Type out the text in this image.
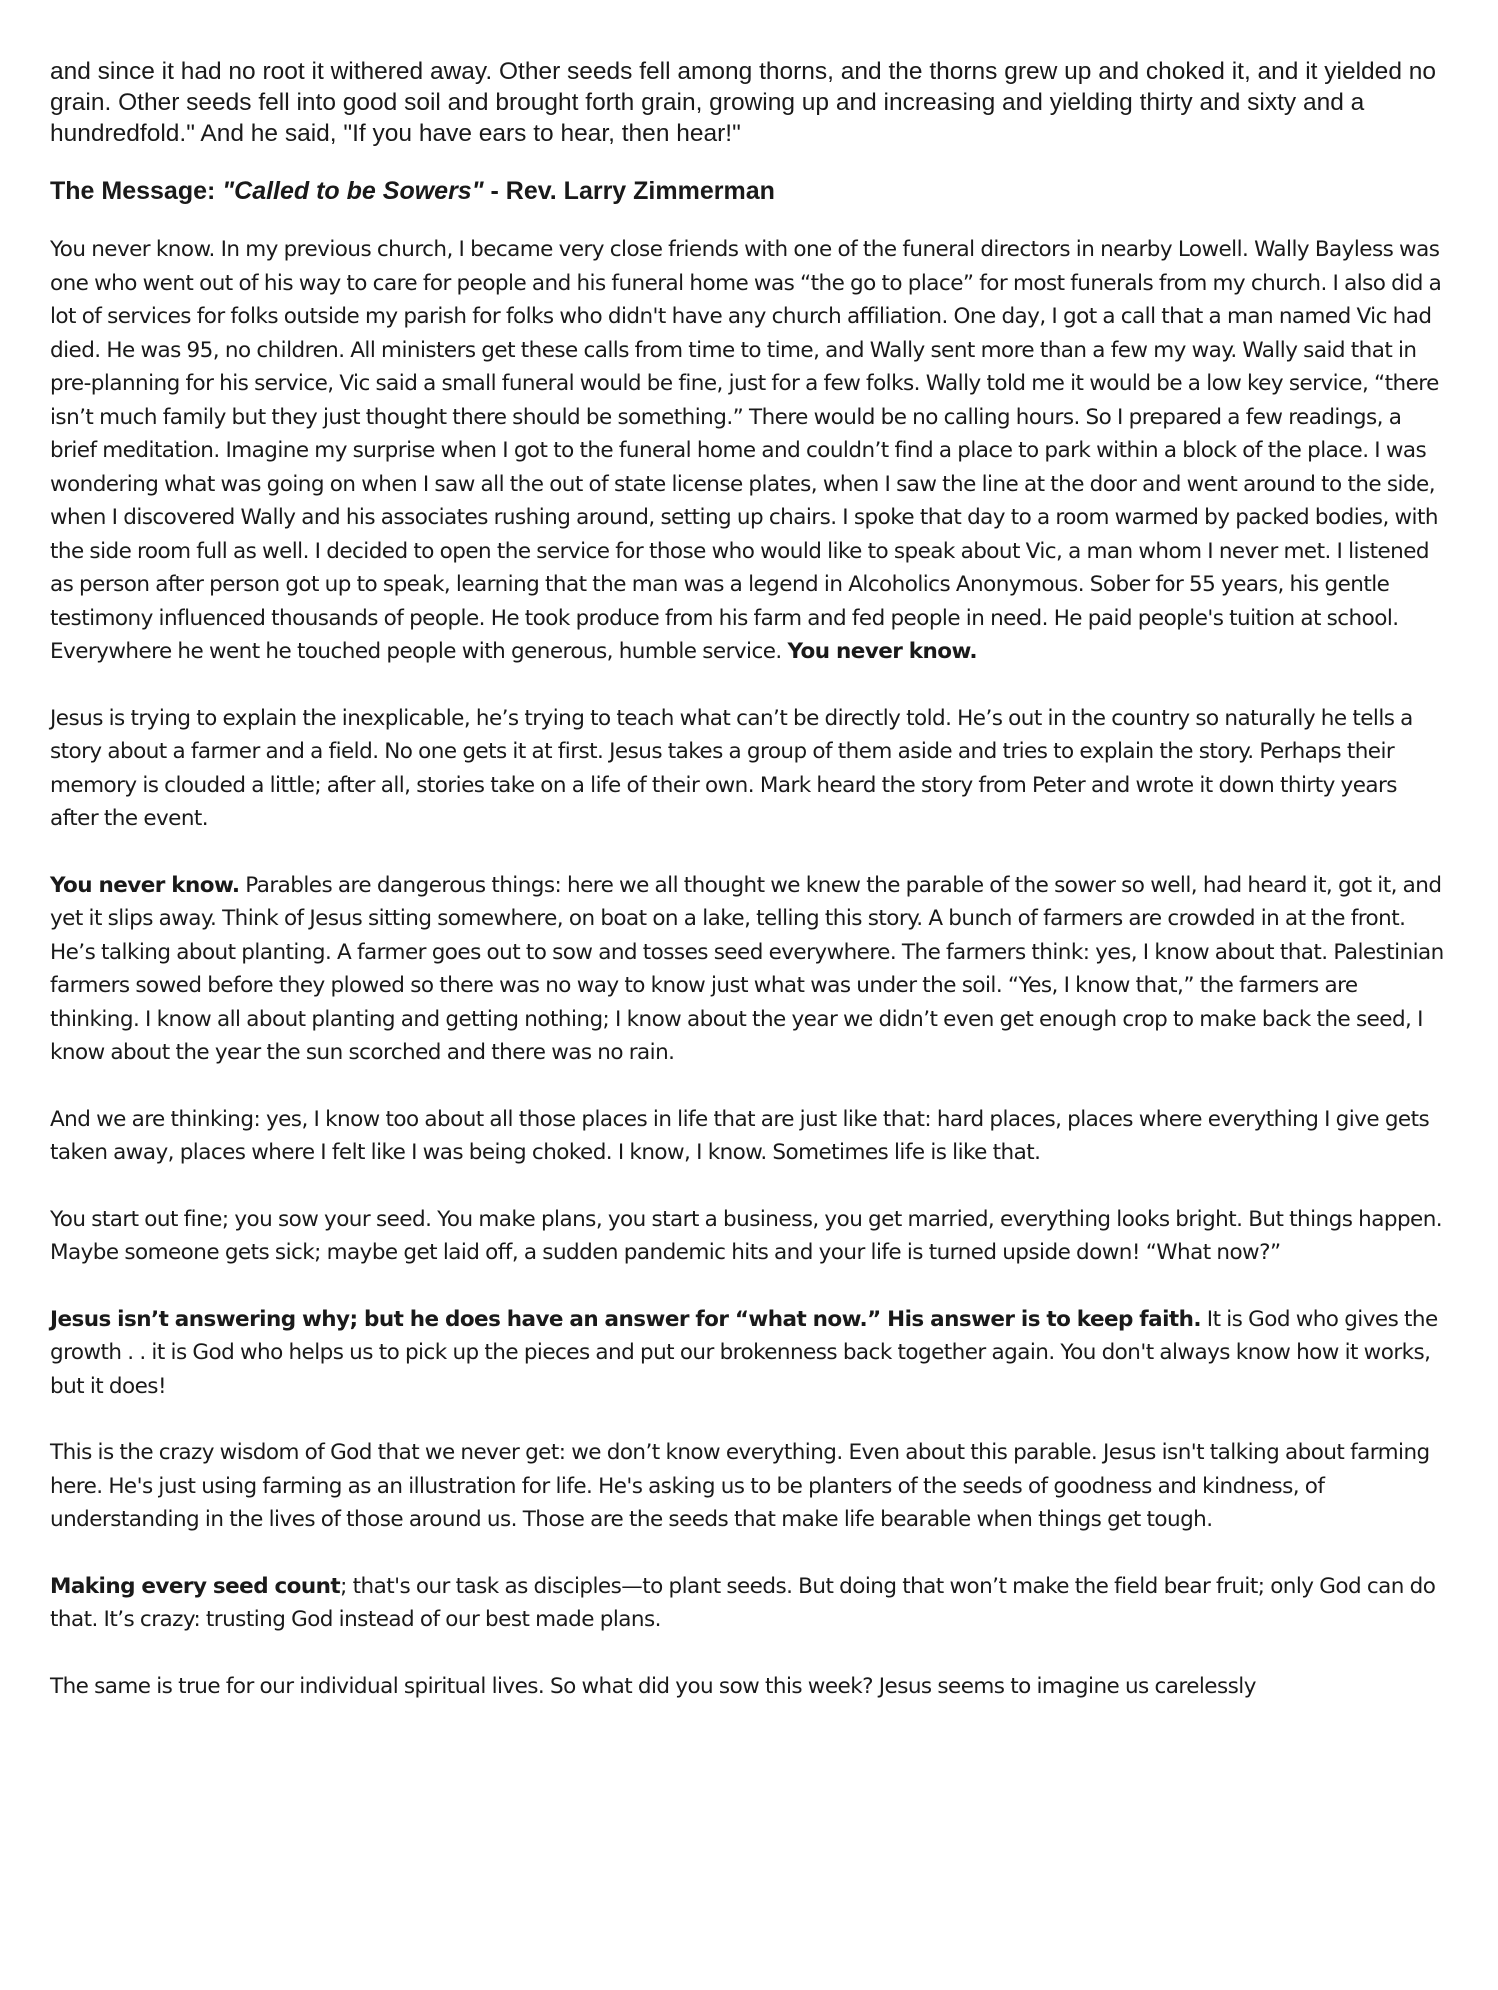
and since it had no root it withered away. Other seeds fell among thorns, and the thorns grew up and choked it, and it yielded no grain. Other seeds fell into good soil and brought forth grain, growing up and increasing and yielding thirty and sixty and a hundredfold." And he said, "If you have ears to hear, then hear!"

The Message: "Called to be Sowers" - Rev. Larry Zimmerman

You never know. In my previous church, I became very close friends with one of the funeral directors in nearby Lowell. Wally Bayless was one who went out of his way to care for people and his funeral home was “the go to place” for most funerals from my church. I also did a lot of services for folks outside my parish for folks who didn't have any church affiliation. One day, I got a call that a man named Vic had died. He was 95, no children. All ministers get these calls from time to time, and Wally sent more than a few my way. Wally said that in pre-planning for his service, Vic said a small funeral would be fine, just for a few folks. Wally told me it would be a low key service, “there isn’t much family but they just thought there should be something.” There would be no calling hours. So I prepared a few readings, a brief meditation. Imagine my surprise when I got to the funeral home and couldn’t find a place to park within a block of the place. I was wondering what was going on when I saw all the out of state license plates, when I saw the line at the door and went around to the side, when I discovered Wally and his associates rushing around, setting up chairs. I spoke that day to a room warmed by packed bodies, with the side room full as well. I decided to open the service for those who would like to speak about Vic, a man whom I never met. I listened as person after person got up to speak, learning that the man was a legend in Alcoholics Anonymous. Sober for 55 years, his gentle testimony influenced thousands of people. He took produce from his farm and fed people in need. He paid people's tuition at school. Everywhere he went he touched people with generous, humble service. You never know.

Jesus is trying to explain the inexplicable, he’s trying to teach what can’t be directly told. He’s out in the country so naturally he tells a story about a farmer and a field. No one gets it at first. Jesus takes a group of them aside and tries to explain the story. Perhaps their memory is clouded a little; after all, stories take on a life of their own. Mark heard the story from Peter and wrote it down thirty years after the event.

You never know. Parables are dangerous things: here we all thought we knew the parable of the sower so well, had heard it, got it, and yet it slips away. Think of Jesus sitting somewhere, on boat on a lake, telling this story. A bunch of farmers are crowded in at the front. He’s talking about planting. A farmer goes out to sow and tosses seed everywhere. The farmers think: yes, I know about that. Palestinian farmers sowed before they plowed so there was no way to know just what was under the soil. “Yes, I know that,” the farmers are thinking. I know all about planting and getting nothing; I know about the year we didn’t even get enough crop to make back the seed, I know about the year the sun scorched and there was no rain.

And we are thinking: yes, I know too about all those places in life that are just like that: hard places, places where everything I give gets taken away, places where I felt like I was being choked. I know, I know. Sometimes life is like that.

You start out fine; you sow your seed. You make plans, you start a business, you get married, everything looks bright. But things happen. Maybe someone gets sick; maybe get laid off, a sudden pandemic hits and your life is turned upside down! “What now?”

Jesus isn’t answering why; but he does have an answer for “what now.” His answer is to keep faith. It is God who gives the growth . . it is God who helps us to pick up the pieces and put our brokenness back together again. You don't always know how it works, but it does!

This is the crazy wisdom of God that we never get: we don’t know everything. Even about this parable. Jesus isn't talking about farming here. He's just using farming as an illustration for life. He's asking us to be planters of the seeds of goodness and kindness, of understanding in the lives of those around us. Those are the seeds that make life bearable when things get tough.

Making every seed count; that's our task as disciples—to plant seeds. But doing that won’t make the field bear fruit; only God can do that. It’s crazy: trusting God instead of our best made plans.

The same is true for our individual spiritual lives. So what did you sow this week? Jesus seems to imagine us carelessly
